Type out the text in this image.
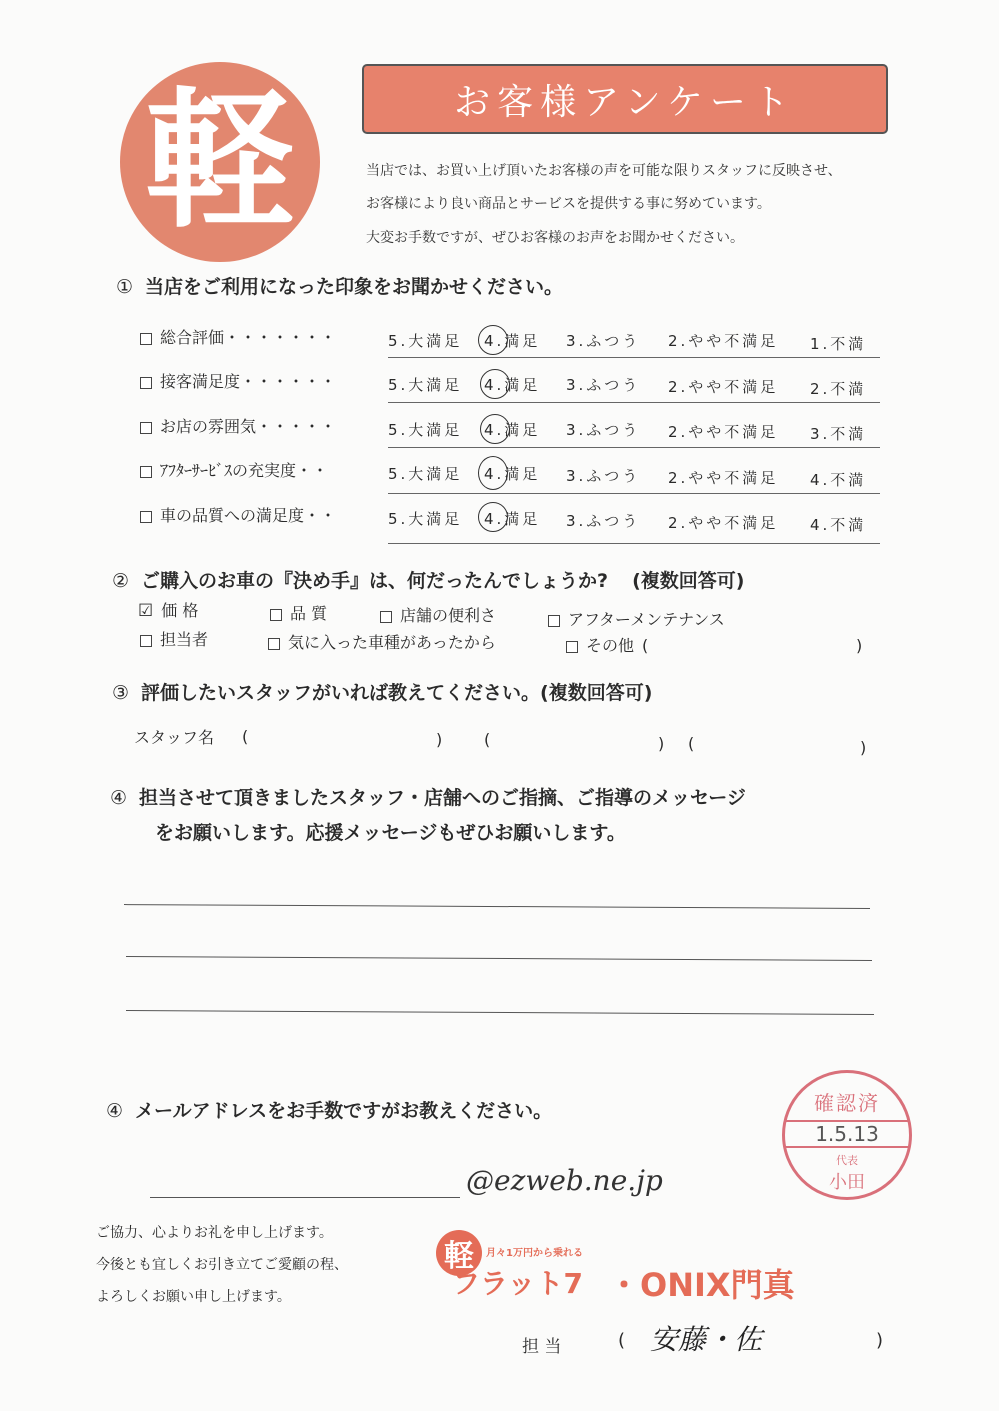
軽	お客様アンケート
当店では、お買い上げ頂いたお客様の声を可能な限りスタッフに反映させ、
お客様により良い商品とサービスを提供する事に努めています。
大変お手数ですが、ぜひお客様のお声をお聞かせください。
① 当店をご利用になった印象をお聞かせください。
総合評価・・・・・・・	5.大満足 4.満足 3.ふつう 2.やや不満足 1.不満
接客満足度・・・・・・	5.大満足 4.満足 3.ふつう 2.やや不満足 2.不満
お店の雰囲気・・・・・	5.大満足 4.満足 3.ふつう 2.やや不満足 3.不満
ｱﾌﾀｰｻｰﾋﾞｽの充実度・・	5.大満足 4.満足 3.ふつう 2.やや不満足 4.不満
車の品質への満足度・・	5.大満足 4.満足 3.ふつう 2.やや不満足 4.不満
② ご購入のお車の『決め手』は、何だったんでしょうか? (複数回答可)
☑ 価 格	品 質	店舗の便利さ	アフターメンテナンス
担当者	気に入った車種があったから	その他 (	)
③ 評価したいスタッフがいれば教えてください。(複数回答可)
スタッフ名 (	)	(	) (	)
④ 担当させて頂きましたスタッフ・店舗へのご指摘、ご指導のメッセージ
をお願いします。応援メッセージもぜひお願いします。
④ メールアドレスをお手数ですがお教えください。
@ezweb.ne.jp
確認済
1.5.13
代表
小田
ご協力、心よりお礼を申し上げます。
今後とも宜しくお引き立てご愛顧の程、
よろしくお願い申し上げます。
軽 月々1万円から乗れる
フラット7 ・ONIX門真
担 当	( 安藤・佐	)
